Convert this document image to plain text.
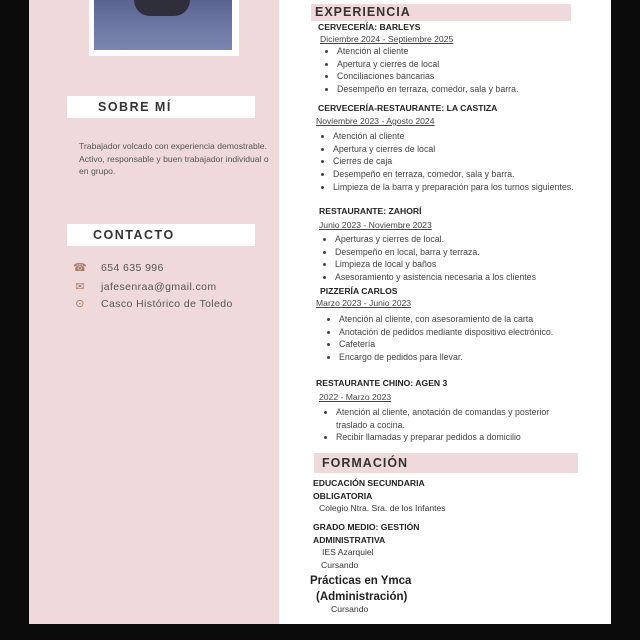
SOBRE MÍ
Trabajador volcado con experiencia demostrable. Activo, responsable y buen trabajador individual o en grupo.
CONTACTO
☎ 654 635 996
✉ jafesenraa@gmail.com
⊙ Casco Histórico de Toledo
EXPERIENCIA
CERVECERÍA: BARLEYS
Diciembre 2024 - Septiembre 2025
• Atención al cliente
• Apertura y cierres de local
• Conciliaciones bancarias
• Desempeño en terraza, comedor, sala y barra.
CERVECERÍA-RESTAURANTE: LA CASTIZA
Noviembre 2023 - Agosto 2024
• Atención al cliente
• Apertura y cierres de local
• Cierres de caja
• Desempeño en terraza, comedor, sala y barra.
• Limpieza de la barra y preparación para los turnos siguientes.
RESTAURANTE: ZAHORÍ
Junio 2023 - Noviembre 2023
• Aperturas y cierres de local.
• Desempeño en local, barra y terraza.
• Limpieza de local y baños
• Asesoramiento y asistencia necesaria a los clientes
PIZZERÍA CARLOS
Marzo 2023 - Junio 2023
• Atención al cliente, con asesoramiento de la carta
• Anotación de pedidos mediante dispositivo electrónico.
• Cafetería
• Encargo de pedidos para llevar.
RESTAURANTE CHINO: AGEN 3
2022 - Marzo 2023
• Atención al cliente, anotación de comandas y posterior traslado a cocina.
• Recibir llamadas y preparar pedidos a domicilio
FORMACIÓN
EDUCACIÓN SECUNDARIA
OBLIGATORIA
Colegio Ntra. Sra. de los Infantes
GRADO MEDIO: GESTIÓN
ADMINISTRATIVA
IES Azarquiel
Cursando
Prácticas en Ymca
(Administración)
Cursando
